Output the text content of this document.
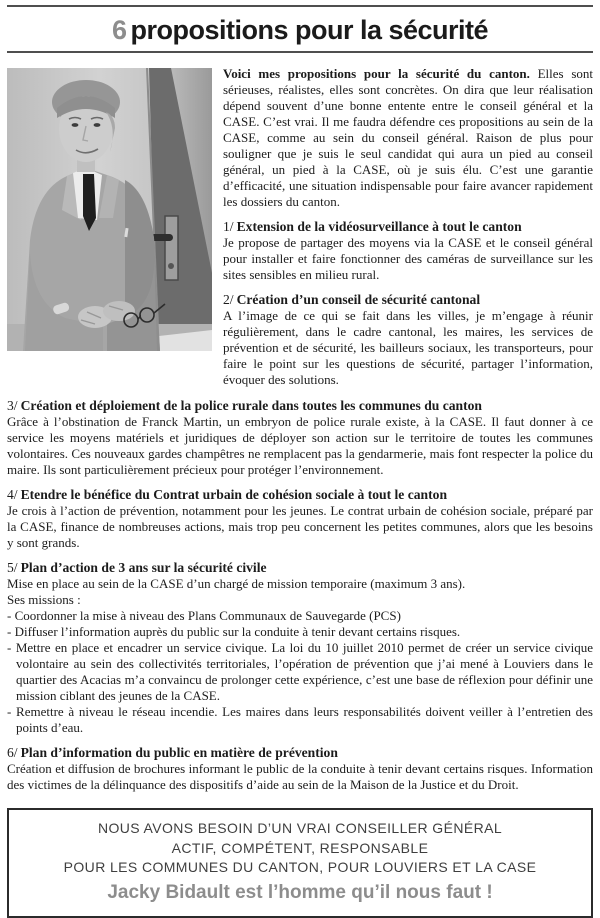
6 propositions pour la sécurité

Voici mes propositions pour la sécurité du canton. Elles sont sérieuses, réalistes, elles sont concrètes. On dira que leur réalisation dépend souvent d’une bonne entente entre le conseil général et la CASE. C’est vrai. Il me faudra défendre ces propositions au sein de la CASE, comme au sein du conseil général. Raison de plus pour souligner que je suis le seul candidat qui aura un pied au conseil général, un pied à la CASE, où je suis élu. C’est une garantie d’efficacité, une situation indispensable pour faire avancer rapidement les dossiers du canton.

1/ Extension de la vidéosurveillance à tout le canton

Je propose de partager des moyens via la CASE et le conseil général pour installer et faire fonctionner des caméras de surveillance sur les sites sensibles en milieu rural.

2/ Création d’un conseil de sécurité cantonal

A l’image de ce qui se fait dans les villes, je m’engage à réunir régulièrement, dans le cadre cantonal, les maires, les services de prévention et de sécurité, les bailleurs sociaux, les transporteurs, pour faire le point sur les questions de sécurité, partager l’information, évoquer des solutions.

3/ Création et déploiement de la police rurale dans toutes les communes du canton

Grâce à l’obstination de Franck Martin, un embryon de police rurale existe, à la CASE. Il faut donner à ce service les moyens matériels et juridiques de déployer son action sur le territoire de toutes les communes volontaires. Ces nouveaux gardes champêtres ne remplacent pas la gendarmerie, mais font respecter la police du maire. Ils sont particulièrement précieux pour protéger l’environnement.

4/ Etendre le bénéfice du Contrat urbain de cohésion sociale à tout le canton

Je crois à l’action de prévention, notamment pour les jeunes. Le contrat urbain de cohésion sociale, préparé par la CASE, finance de nombreuses actions, mais trop peu concernent les petites communes, alors que les besoins y sont grands.

5/ Plan d’action de 3 ans sur la sécurité civile

Mise en place au sein de la CASE d’un chargé de mission temporaire (maximum 3 ans).

Ses missions :

- Coordonner la mise à niveau des Plans Communaux de Sauvegarde (PCS)

- Diffuser l’information auprès du public sur la conduite à tenir devant certains risques.

- Mettre en place et encadrer un service civique. La loi du 10 juillet 2010 permet de créer un service civique volontaire au sein des collectivités territoriales, l’opération de prévention que j’ai mené à Louviers dans le quartier des Acacias m’a convaincu de prolonger cette expérience, c’est une base de réflexion pour définir une mission ciblant des jeunes de la CASE.

- Remettre à niveau le réseau incendie. Les maires dans leurs responsabilités doivent veiller à l’entretien des points d’eau.

6/ Plan d’information du public en matière de prévention

Création et diffusion de brochures informant le public de la conduite à tenir devant certains risques. Information des victimes de la délinquance des dispositifs d’aide au sein de la Maison de la Justice et du Droit.

NOUS AVONS BESOIN D’UN VRAI CONSEILLER GÉNÉRAL
ACTIF, COMPÉTENT, RESPONSABLE
POUR LES COMMUNES DU CANTON, POUR LOUVIERS ET LA CASE
Jacky Bidault est l’homme qu’il nous faut !
